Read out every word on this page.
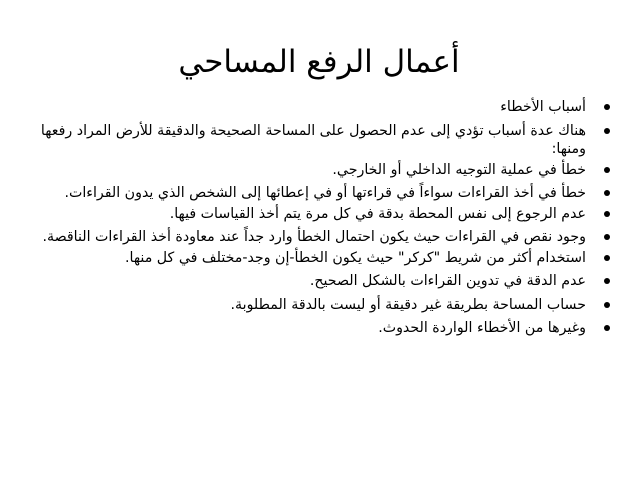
أعمال الرفع المساحي
أسباب الأخطاء
هناك عدة أسباب تؤدي إلى عدم الحصول على المساحة الصحيحة والدقيقة للأرض المراد رفعها ومنها:
خطأ في عملية التوجيه الداخلي أو الخارجي.
خطأ في أخذ القراءات سواءاً في قراءتها أو في إعطائها إلى الشخص الذي يدون القراءات.
عدم الرجوع إلى نفس المحطة بدقة في كل مرة يتم أخذ القياسات فيها.
وجود نقص في القراءات حيث يكون احتمال الخطأ وارد جداً عند معاودة أخذ القراءات الناقصة.
استخدام أكثر من شريط "كركر" حيث يكون الخطأ-إن وجد-مختلف في كل منها.
عدم الدقة في تدوين القراءات بالشكل الصحيح.
حساب المساحة بطريقة غير دقيقة أو ليست بالدقة المطلوبة.
وغيرها من الأخطاء الواردة الحدوث.
